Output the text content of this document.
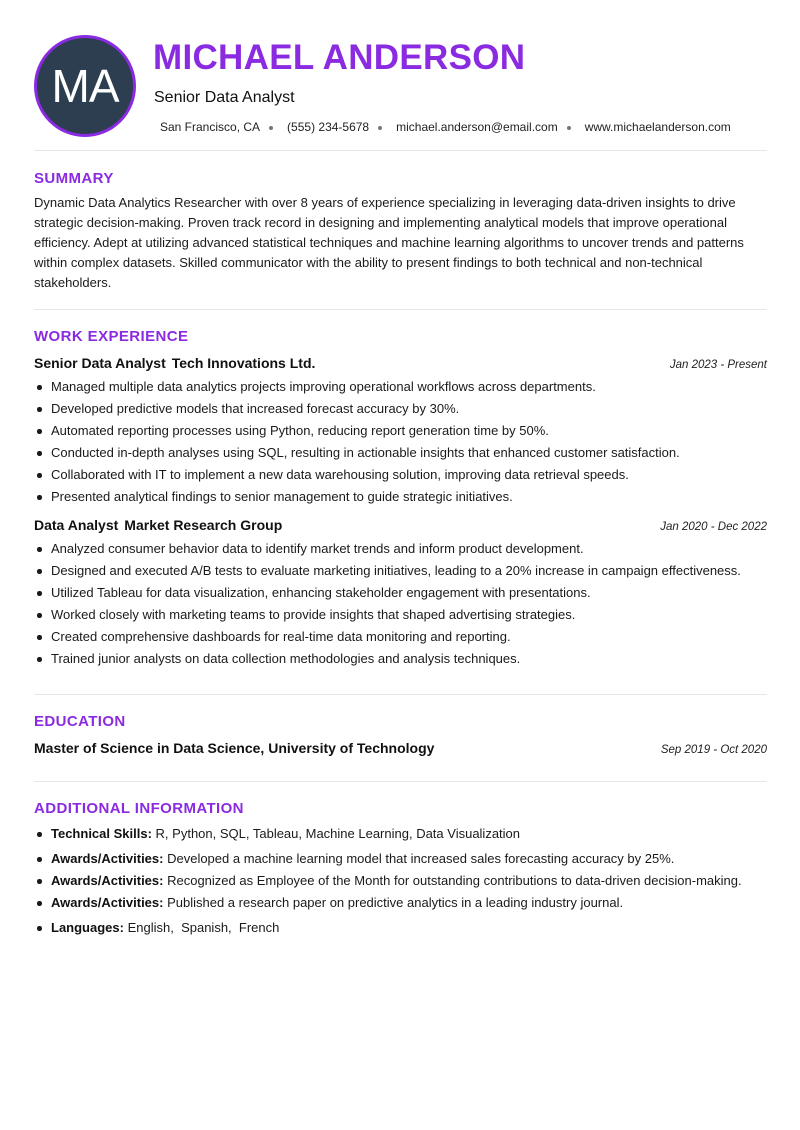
MA
MICHAEL ANDERSON
Senior Data Analyst
San Francisco, CA (555) 234-5678 michael.anderson@email.com www.michaelanderson.com
SUMMARY

Dynamic Data Analytics Researcher with over 8 years of experience specializing in leveraging data-driven insights to drive strategic decision-making. Proven track record in designing and implementing analytical models that improve operational efficiency. Adept at utilizing advanced statistical techniques and machine learning algorithms to uncover trends and patterns within complex datasets. Skilled communicator with the ability to present findings to both technical and non-technical stakeholders.

WORK EXPERIENCE
Senior Data Analyst Tech Innovations Ltd.	Jan 2023 - Present
Managed multiple data analytics projects improving operational workflows across departments.
Developed predictive models that increased forecast accuracy by 30%.
Automated reporting processes using Python, reducing report generation time by 50%.
Conducted in-depth analyses using SQL, resulting in actionable insights that enhanced customer satisfaction.
Collaborated with IT to implement a new data warehousing solution, improving data retrieval speeds.
Presented analytical findings to senior management to guide strategic initiatives.
Data Analyst Market Research Group	Jan 2020 - Dec 2022
Analyzed consumer behavior data to identify market trends and inform product development.
Designed and executed A/B tests to evaluate marketing initiatives, leading to a 20% increase in campaign effectiveness.
Utilized Tableau for data visualization, enhancing stakeholder engagement with presentations.
Worked closely with marketing teams to provide insights that shaped advertising strategies.
Created comprehensive dashboards for real-time data monitoring and reporting.
Trained junior analysts on data collection methodologies and analysis techniques.
EDUCATION
Master of Science in Data Science, University of Technology	Sep 2019 - Oct 2020
ADDITIONAL INFORMATION
Technical Skills: R, Python, SQL, Tableau, Machine Learning, Data Visualization
Awards/Activities: Developed a machine learning model that increased sales forecasting accuracy by 25%.
Awards/Activities: Recognized as Employee of the Month for outstanding contributions to data-driven decision-making.
Awards/Activities: Published a research paper on predictive analytics in a leading industry journal.
Languages: English,  Spanish,  French
